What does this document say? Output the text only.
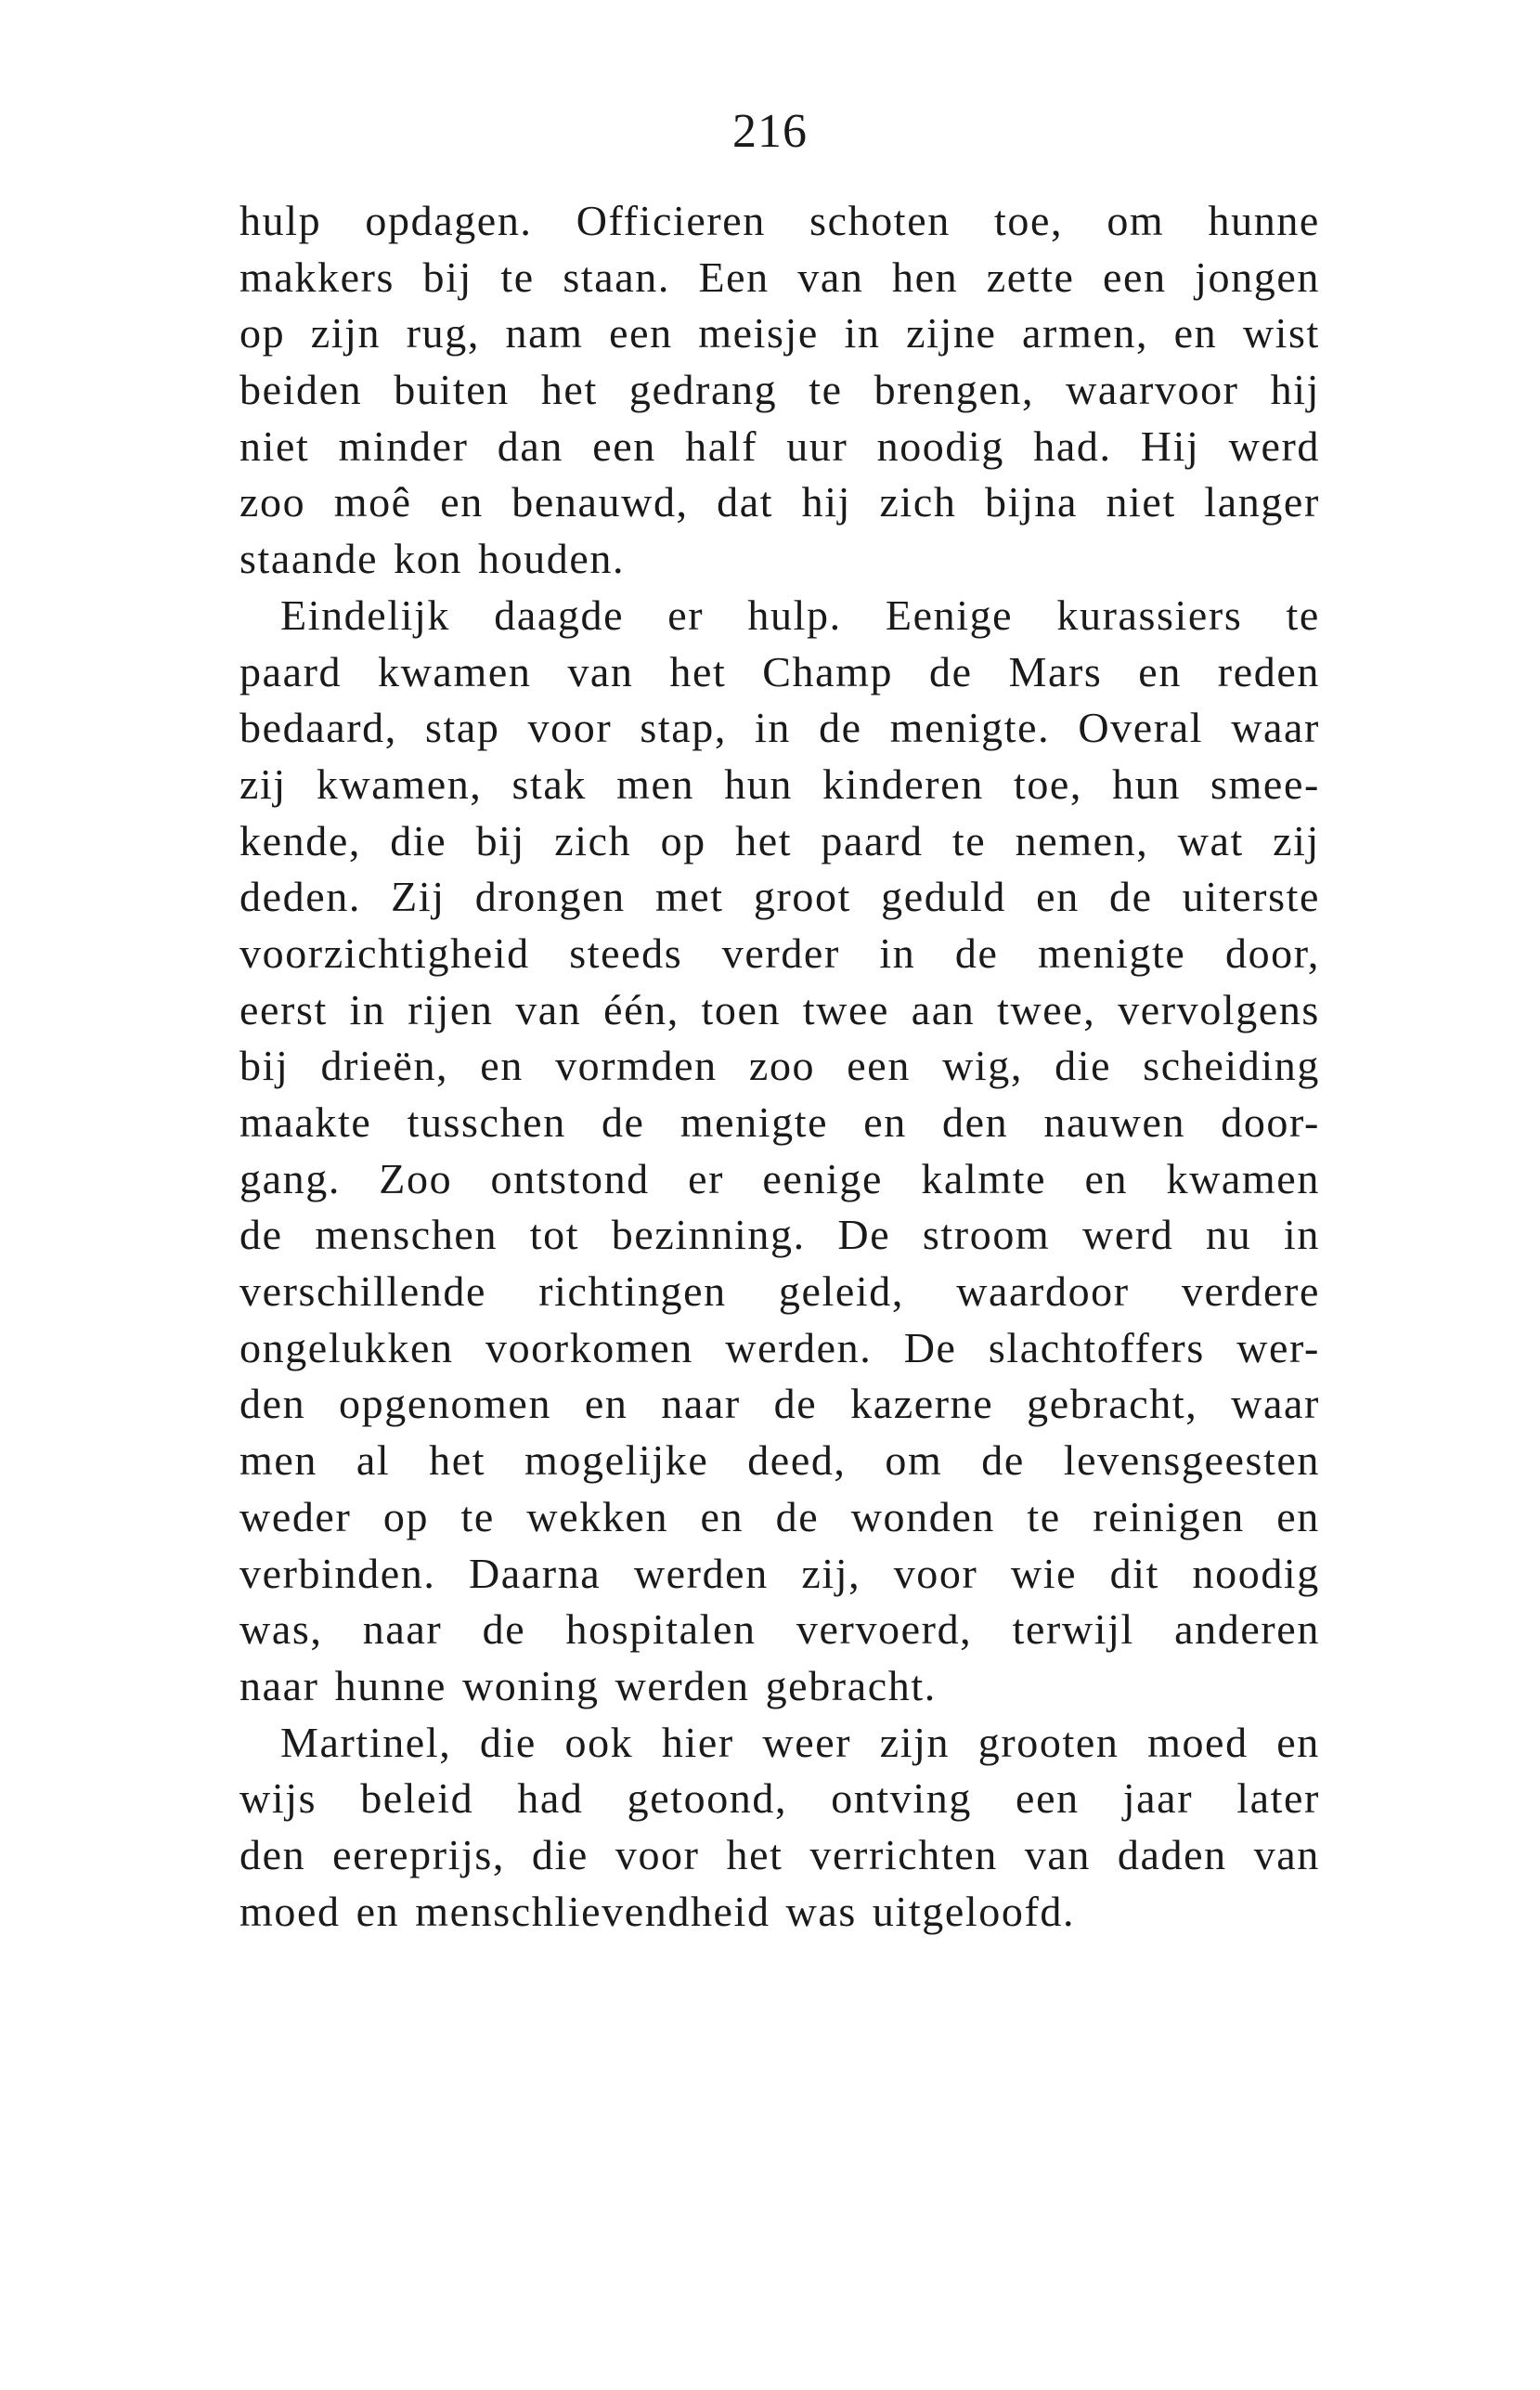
216
hulp opdagen. Officieren schoten toe, om hunne
makkers bij te staan. Een van hen zette een jongen
op zijn rug, nam een meisje in zijne armen, en wist
beiden buiten het gedrang te brengen, waarvoor hij
niet minder dan een half uur noodig had. Hij werd
zoo moê en benauwd, dat hij zich bijna niet langer
staande kon houden.
Eindelijk daagde er hulp. Eenige kurassiers te
paard kwamen van het Champ de Mars en reden
bedaard, stap voor stap, in de menigte. Overal waar
zij kwamen, stak men hun kinderen toe, hun smee-
kende, die bij zich op het paard te nemen, wat zij
deden. Zij drongen met groot geduld en de uiterste
voorzichtigheid steeds verder in de menigte door,
eerst in rijen van één, toen twee aan twee, vervolgens
bij drieën, en vormden zoo een wig, die scheiding
maakte tusschen de menigte en den nauwen door-
gang. Zoo ontstond er eenige kalmte en kwamen
de menschen tot bezinning. De stroom werd nu in
verschillende richtingen geleid, waardoor verdere
ongelukken voorkomen werden. De slachtoffers wer-
den opgenomen en naar de kazerne gebracht, waar
men al het mogelijke deed, om de levensgeesten
weder op te wekken en de wonden te reinigen en
verbinden. Daarna werden zij, voor wie dit noodig
was, naar de hospitalen vervoerd, terwijl anderen
naar hunne woning werden gebracht.
Martinel, die ook hier weer zijn grooten moed en
wijs beleid had getoond, ontving een jaar later
den eereprijs, die voor het verrichten van daden van
moed en menschlievendheid was uitgeloofd.
